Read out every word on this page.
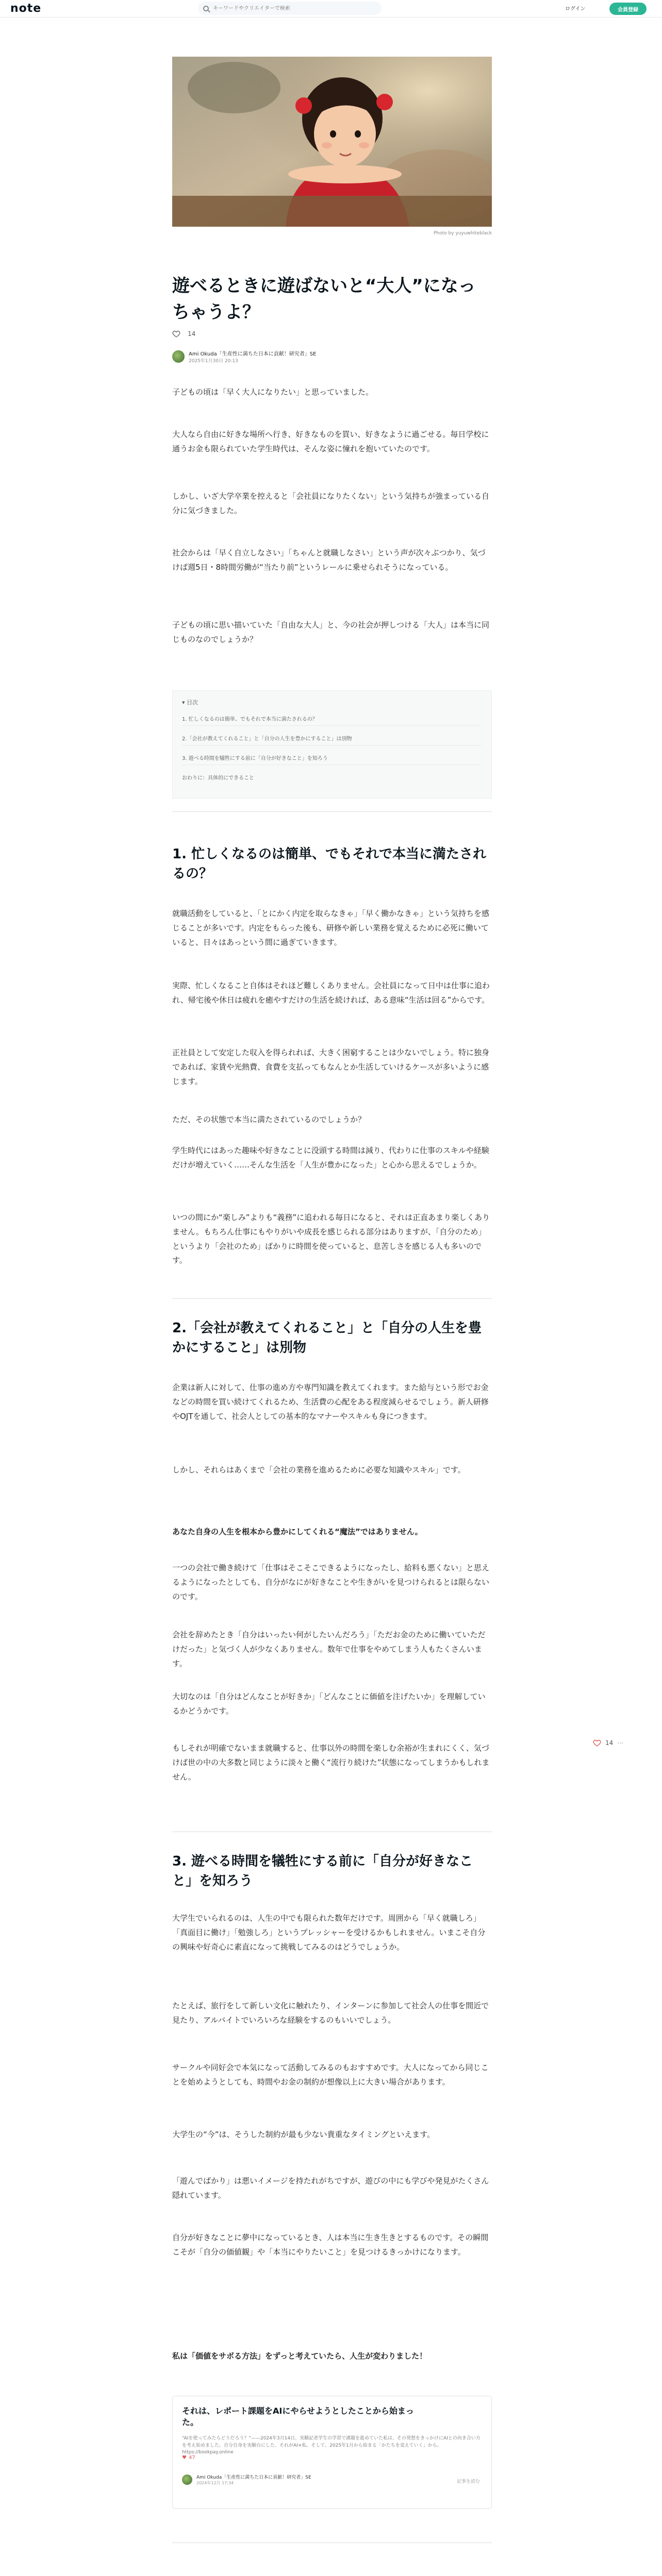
note
キーワードやクリエイターで検索	ログイン	会員登録
Photo by yuyuwhiteblack
遊べるときに遊ばないと“大人”になっちゃうよ？
14
Ami Okuda「生産性に満ちた日本に貢献！研究者」SE
2025年1月30日 20:13

子どもの頃は「早く大人になりたい」と思っていました。

大人なら自由に好きな場所へ行き、好きなものを買い、好きなように過ごせる。毎日学校に通うお金も限られていた学生時代は、そんな姿に憧れを抱いていたのです。

しかし、いざ大学卒業を控えると「会社員になりたくない」という気持ちが強まっている自分に気づきました。

社会からは「早く自立しなさい」「ちゃんと就職しなさい」という声が次々ぶつかり、気づけば週5日・8時間労働が“当たり前”というレールに乗せられそうになっている。

子どもの頃に思い描いていた「自由な大人」と、今の社会が押しつける「大人」は本当に同じものなのでしょうか？

▾ 目次
1. 忙しくなるのは簡単、でもそれで本当に満たされるの？
2.「会社が教えてくれること」と「自分の人生を豊かにすること」は別物
3. 遊べる時間を犠牲にする前に「自分が好きなこと」を知ろう
おわりに：具体的にできること
1. 忙しくなるのは簡単、でもそれで本当に満たされるの？

就職活動をしていると、「とにかく内定を取らなきゃ」「早く働かなきゃ」という気持ちを感じることが多いです。内定をもらった後も、研修や新しい業務を覚えるために必死に働いていると、日々はあっという間に過ぎていきます。

実際、忙しくなること自体はそれほど難しくありません。会社員になって日中は仕事に追われ、帰宅後や休日は疲れを癒やすだけの生活を続ければ、ある意味“生活は回る”からです。

正社員として安定した収入を得られれば、大きく困窮することは少ないでしょう。特に独身であれば、家賃や光熱費、食費を支払ってもなんとか生活していけるケースが多いように感じます。

ただ、その状態で本当に満たされているのでしょうか？

学生時代にはあった趣味や好きなことに没頭する時間は減り、代わりに仕事のスキルや経験だけが増えていく……そんな生活を「人生が豊かになった」と心から思えるでしょうか。

いつの間にか“楽しみ”よりも“義務”に追われる毎日になると、それは正直あまり楽しくありません。もちろん仕事にもやりがいや成長を感じられる部分はありますが、「自分のため」というより「会社のため」ばかりに時間を使っていると、息苦しさを感じる人も多いのです。

2.「会社が教えてくれること」と「自分の人生を豊かにすること」は別物

企業は新人に対して、仕事の進め方や専門知識を教えてくれます。また給与という形でお金などの時間を買い続けてくれるため、生活費の心配をある程度減らせるでしょう。新人研修やOJTを通して、社会人としての基本的なマナーやスキルも身につきます。

しかし、それらはあくまで「会社の業務を進めるために必要な知識やスキル」です。

あなた自身の人生を根本から豊かにしてくれる“魔法”ではありません。

一つの会社で働き続けて「仕事はそこそこできるようになったし、給料も悪くない」と思えるようになったとしても、自分がなにが好きなことや生きがいを見つけられるとは限らないのです。

会社を辞めたとき「自分はいったい何がしたいんだろう」「ただお金のために働いていただけだった」と気づく人が少なくありません。数年で仕事をやめてしまう人もたくさんいます。

大切なのは「自分はどんなことが好きか」「どんなことに価値を注げたいか」を理解しているかどうかです。

もしそれが明確でないまま就職すると、仕事以外の時間を楽しむ余裕が生まれにくく、気づけば世の中の大多数と同じように淡々と働く“流行り続けた”状態になってしまうかもしれません。

3. 遊べる時間を犠牲にする前に「自分が好きなこと」を知ろう

大学生でいられるのは、人生の中でも限られた数年だけです。周囲から「早く就職しろ」「真面目に働け」「勉強しろ」というプレッシャーを受けるかもしれません。いまこそ自分の興味や好奇心に素直になって挑戦してみるのはどうでしょうか。

たとえば、旅行をして新しい文化に触れたり、インターンに参加して社会人の仕事を間近で見たり、アルバイトでいろいろな経験をするのもいいでしょう。

サークルや同好会で本気になって活動してみるのもおすすめです。大人になってから同じことを始めようとしても、時間やお金の制約が想像以上に大きい場合があります。

大学生の“今”は、そうした制約が最も少ない貴重なタイミングといえます。

「遊んでばかり」は悪いイメージを持たれがちですが、遊びの中にも学びや発見がたくさん隠れています。

自分が好きなことに夢中になっているとき、人は本当に生き生きとするものです。その瞬間こそが「自分の価値観」や「本当にやりたいこと」を見つけるきっかけになります。

私は「価値をサボる方法」をずっと考えていたら、人生が変わりました！

それは、レポート課題をAIにやらせようとしたことから始まった。
“AIを使ってみたらどうだろう？”——2024年3月14日、実験記者学生の学習で課題を進めていた私は、その発想をきっかけにAIとの向き合い方を考え始めました。自分自身を実験台にした、それがAI×私、そして、2025年1月から始まる「かたちを変えていく」から。https://bookpay.online
♥ 47
Ami Okuda「生産性に満ちた日本に貢献！研究者」SE
2024年12月 17:34	記事を読む

14 ⋯
